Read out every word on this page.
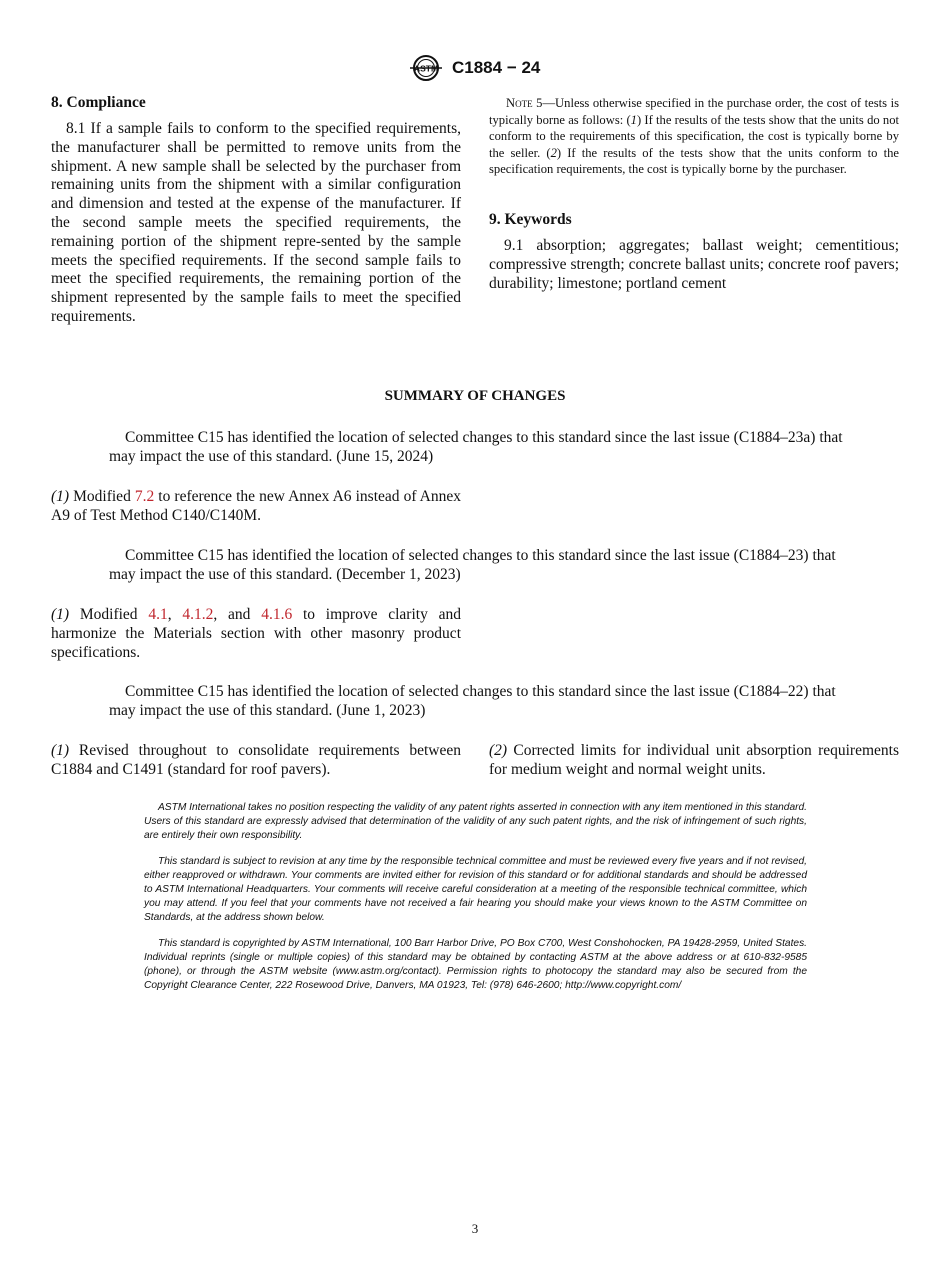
ASTM C1884 − 24
8. Compliance
8.1 If a sample fails to conform to the specified requirements, the manufacturer shall be permitted to remove units from the shipment. A new sample shall be selected by the purchaser from remaining units from the shipment with a similar configuration and dimension and tested at the expense of the manufacturer. If the second sample meets the specified requirements, the remaining portion of the shipment repre-sented by the sample meets the specified requirements. If the second sample fails to meet the specified requirements, the remaining portion of the shipment represented by the sample fails to meet the specified requirements.
Note 5—Unless otherwise specified in the purchase order, the cost of tests is typically borne as follows: (1) If the results of the tests show that the units do not conform to the requirements of this specification, the cost is typically borne by the seller. (2) If the results of the tests show that the units conform to the specification requirements, the cost is typically borne by the purchaser.
9. Keywords
9.1 absorption; aggregates; ballast weight; cementitious; compressive strength; concrete ballast units; concrete roof pavers; durability; limestone; portland cement
SUMMARY OF CHANGES
Committee C15 has identified the location of selected changes to this standard since the last issue (C1884–23a) that may impact the use of this standard. (June 15, 2024)
(1) Modified 7.2 to reference the new Annex A6 instead of Annex A9 of Test Method C140/C140M.
Committee C15 has identified the location of selected changes to this standard since the last issue (C1884–23) that may impact the use of this standard. (December 1, 2023)
(1) Modified 4.1, 4.1.2, and 4.1.6 to improve clarity and harmonize the Materials section with other masonry product specifications.
Committee C15 has identified the location of selected changes to this standard since the last issue (C1884–22) that may impact the use of this standard. (June 1, 2023)
(1) Revised throughout to consolidate requirements between C1884 and C1491 (standard for roof pavers).
(2) Corrected limits for individual unit absorption requirements for medium weight and normal weight units.

ASTM International takes no position respecting the validity of any patent rights asserted in connection with any item mentioned in this standard. Users of this standard are expressly advised that determination of the validity of any such patent rights, and the risk of infringement of such rights, are entirely their own responsibility.

This standard is subject to revision at any time by the responsible technical committee and must be reviewed every five years and if not revised, either reapproved or withdrawn. Your comments are invited either for revision of this standard or for additional standards and should be addressed to ASTM International Headquarters. Your comments will receive careful consideration at a meeting of the responsible technical committee, which you may attend. If you feel that your comments have not received a fair hearing you should make your views known to the ASTM Committee on Standards, at the address shown below.

This standard is copyrighted by ASTM International, 100 Barr Harbor Drive, PO Box C700, West Conshohocken, PA 19428-2959, United States. Individual reprints (single or multiple copies) of this standard may be obtained by contacting ASTM at the above address or at 610-832-9585 (phone), or through the ASTM website (www.astm.org/contact). Permission rights to photocopy the standard may also be secured from the Copyright Clearance Center, 222 Rosewood Drive, Danvers, MA 01923, Tel: (978) 646-2600; http://www.copyright.com/

3
